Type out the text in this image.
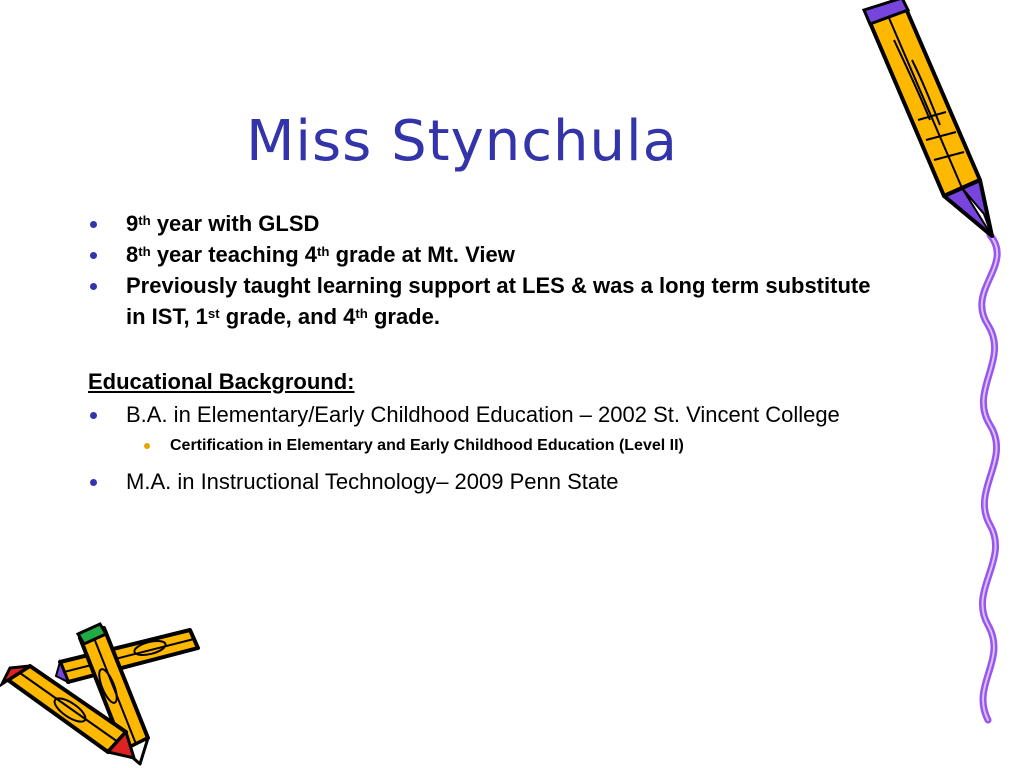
Miss Stynchula
9th year with GLSD
8th year teaching 4th grade at Mt. View
Previously taught learning support at LES & was a long term substitute in IST, 1st grade, and 4th grade.
Educational Background:
B.A. in Elementary/Early Childhood Education – 2002 St. Vincent College
Certification in Elementary and Early Childhood Education (Level II)
M.A. in Instructional Technology– 2009 Penn State
